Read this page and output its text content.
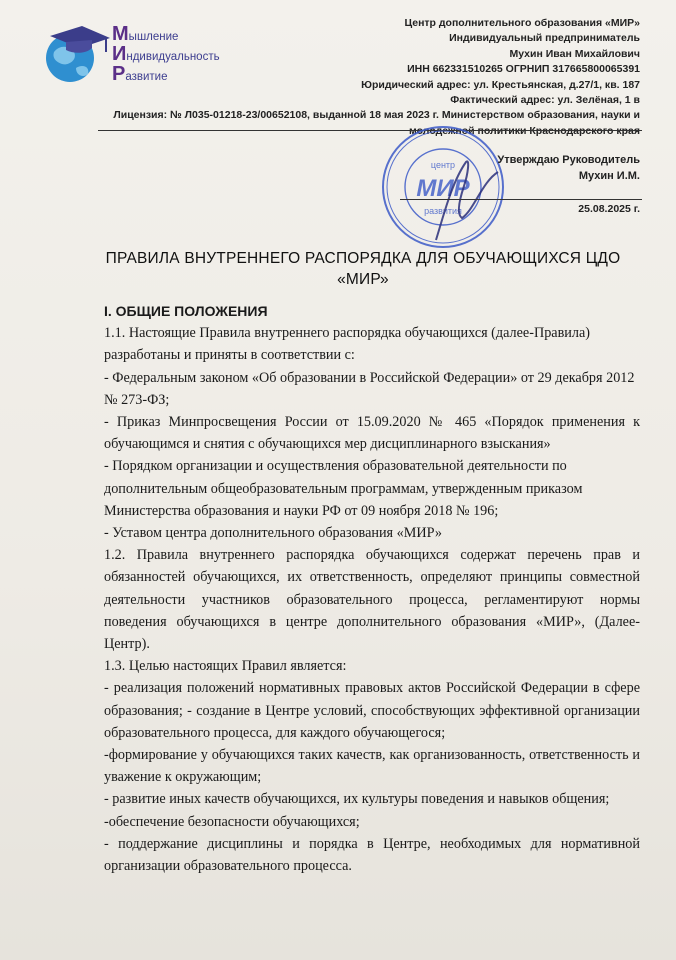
Мышление
Индивидуальность
Развитие
Центр дополнительного образования «МИР»
Индивидуальный предприниматель
Мухин Иван Михайлович
ИНН 662331510265 ОГРНИП 317665800065391
Юридический адрес: ул. Крестьянская, д.27/1, кв. 187
Фактический адрес: ул. Зелёная, 1 в
Лицензия: № Л035-01218-23/00652108, выданной 18 мая 2023 г. Министерством образования, науки и
молодежной политики Краснодарского края
центр
МИР
развития
Утверждаю Руководитель
Мухин И.М.
25.08.2025 г.
ПРАВИЛА ВНУТРЕННЕГО РАСПОРЯДКА ДЛЯ ОБУЧАЮЩИХСЯ ЦДО
«МИР»

I. ОБЩИЕ ПОЛОЖЕНИЯ

1.1. Настоящие Правила внутреннего распорядка обучающихся (далее-Правила)

разработаны и приняты в соответствии с:

- Федеральным законом «Об образовании в Российской Федерации» от 29 декабря 2012

№ 273-ФЗ;

- Приказ Минпросвещения России от 15.09.2020 № 465 «Порядок применения к обучающимся и снятия с обучающихся мер дисциплинарного взыскания»

- Порядком организации и осуществления образовательной деятельности по

дополнительным общеобразовательным программам, утвержденным приказом

Министерства образования и науки РФ от 09 ноября 2018 № 196;

- Уставом центра дополнительного образования «МИР»

1.2. Правила внутреннего распорядка обучающихся содержат перечень прав и обязанностей обучающихся, их ответственность, определяют принципы совместной деятельности участников образовательного процесса, регламентируют нормы поведения обучающихся в центре дополнительного образования «МИР», (Далее-Центр).

1.3. Целью настоящих Правил является:

- реализация положений нормативных правовых актов Российской Федерации в сфере образования; - создание в Центре условий, способствующих эффективной организации образовательного процесса, для каждого обучающегося;

-формирование у обучающихся таких качеств, как организованность, ответственность и уважение к окружающим;

- развитие иных качеств обучающихся, их культуры поведения и навыков общения;

-обеспечение безопасности обучающихся;

- поддержание дисциплины и порядка в Центре, необходимых для нормативной организации образовательного процесса.
